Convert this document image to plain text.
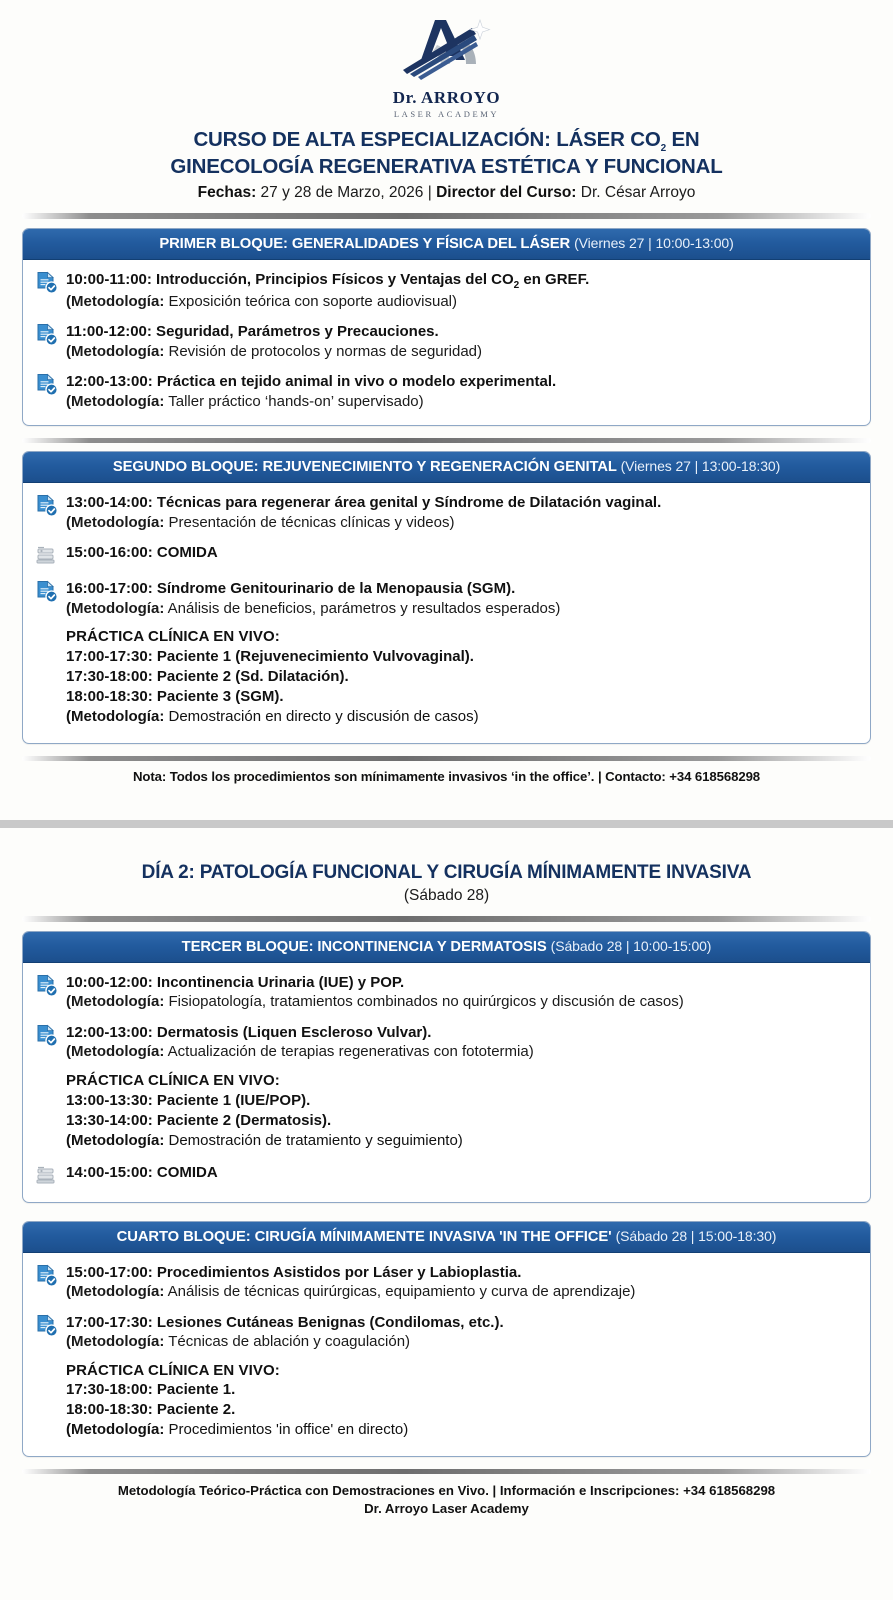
Dr. ARROYO
LASER ACADEMY
CURSO DE ALTA ESPECIALIZACIÓN: LÁSER $CO_2$ EN
GINECOLOGÍA REGENERATIVA ESTÉTICA Y FUNCIONAL
Fechas: 27 y 28 de Marzo, 2026 | Director del Curso: Dr. César Arroyo
PRIMER BLOQUE: GENERALIDADES Y FÍSICA DEL LÁSER (Viernes 27 | 10:00-13:00)
10:00-11:00: Introducción, Principios Físicos y Ventajas del $CO_2$ en GREF.
(Metodología: Exposición teórica con soporte audiovisual)
11:00-12:00: Seguridad, Parámetros y Precauciones.
(Metodología: Revisión de protocolos y normas de seguridad)
12:00-13:00: Práctica en tejido animal in vivo o modelo experimental.
(Metodología: Taller práctico ‘hands-on’ supervisado)
SEGUNDO BLOQUE: REJUVENECIMIENTO Y REGENERACIÓN GENITAL (Viernes 27 | 13:00-18:30)
13:00-14:00: Técnicas para regenerar área genital y Síndrome de Dilatación vaginal.
(Metodología: Presentación de técnicas clínicas y videos)
15:00-16:00: COMIDA
16:00-17:00: Síndrome Genitourinario de la Menopausia (SGM).
(Metodología: Análisis de beneficios, parámetros y resultados esperados)
PRÁCTICA CLÍNICA EN VIVO:
17:00-17:30: Paciente 1 (Rejuvenecimiento Vulvovaginal).
17:30-18:00: Paciente 2 (Sd. Dilatación).
18:00-18:30: Paciente 3 (SGM).
(Metodología: Demostración en directo y discusión de casos)
Nota: Todos los procedimientos son mínimamente invasivos ‘in the office’. | Contacto: +34 618568298
DÍA 2: PATOLOGÍA FUNCIONAL Y CIRUGÍA MÍNIMAMENTE INVASIVA
(Sábado 28)
TERCER BLOQUE: INCONTINENCIA Y DERMATOSIS (Sábado 28 | 10:00-15:00)
10:00-12:00: Incontinencia Urinaria (IUE) y POP.
(Metodología: Fisiopatología, tratamientos combinados no quirúrgicos y discusión de casos)
12:00-13:00: Dermatosis (Liquen Escleroso Vulvar).
(Metodología: Actualización de terapias regenerativas con fototermia)
PRÁCTICA CLÍNICA EN VIVO:
13:00-13:30: Paciente 1 (IUE/POP).
13:30-14:00: Paciente 2 (Dermatosis).
(Metodología: Demostración de tratamiento y seguimiento)
14:00-15:00: COMIDA
CUARTO BLOQUE: CIRUGÍA MÍNIMAMENTE INVASIVA 'IN THE OFFICE' (Sábado 28 | 15:00-18:30)
15:00-17:00: Procedimientos Asistidos por Láser y Labioplastia.
(Metodología: Análisis de técnicas quirúrgicas, equipamiento y curva de aprendizaje)
17:00-17:30: Lesiones Cutáneas Benignas (Condilomas, etc.).
(Metodología: Técnicas de ablación y coagulación)
PRÁCTICA CLÍNICA EN VIVO:
17:30-18:00: Paciente 1.
18:00-18:30: Paciente 2.
(Metodología: Procedimientos 'in office' en directo)
Metodología Teórico-Práctica con Demostraciones en Vivo. | Información e Inscripciones: +34 618568298
Dr. Arroyo Laser Academy
